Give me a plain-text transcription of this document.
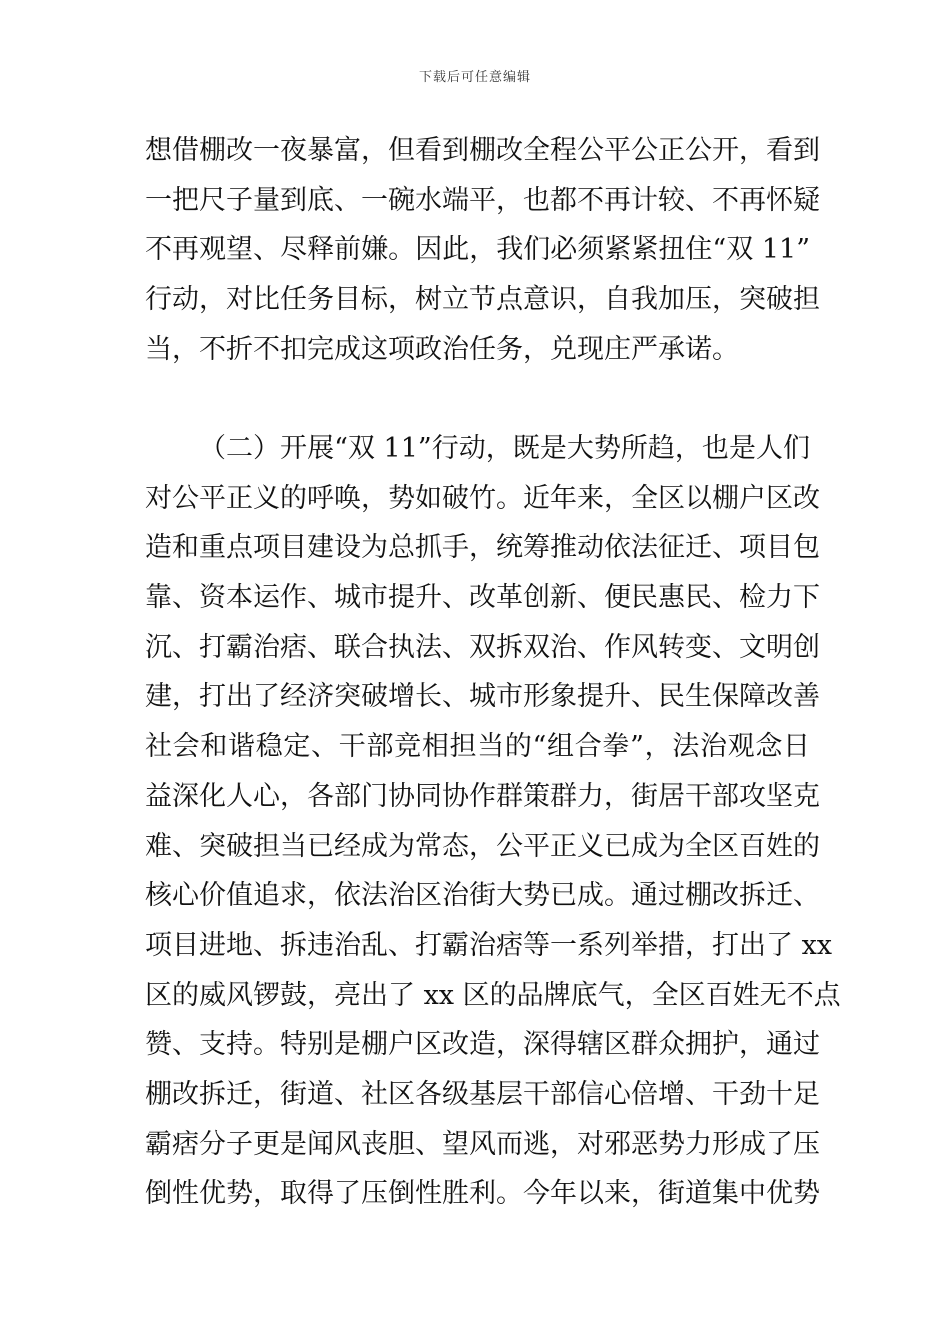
下载后可任意编辑
想借棚改一夜暴富，但看到棚改全程公平公正公开，看到
一把尺子量到底、一碗水端平，也都不再计较、不再怀疑
不再观望、尽释前嫌。因此，我们必须紧紧扭住“双 11”
行动，对比任务目标，树立节点意识，自我加压，突破担
当，不折不扣完成这项政治任务，兑现庄严承诺。
（二）开展“双 11”行动，既是大势所趋，也是人们
对公平正义的呼唤，势如破竹。近年来，全区以棚户区改
造和重点项目建设为总抓手，统筹推动依法征迁、项目包
靠、资本运作、城市提升、改革创新、便民惠民、检力下
沉、打霸治痞、联合执法、双拆双治、作风转变、文明创
建，打出了经济突破增长、城市形象提升、民生保障改善
社会和谐稳定、干部竞相担当的“组合拳”，法治观念日
益深化人心，各部门协同协作群策群力，街居干部攻坚克
难、突破担当已经成为常态，公平正义已成为全区百姓的
核心价值追求，依法治区治街大势已成。通过棚改拆迁、
项目进地、拆违治乱、打霸治痞等一系列举措，打出了 xx
区的威风锣鼓，亮出了 xx 区的品牌底气，全区百姓无不点
赞、支持。特别是棚户区改造，深得辖区群众拥护，通过
棚改拆迁，街道、社区各级基层干部信心倍增、干劲十足
霸痞分子更是闻风丧胆、望风而逃，对邪恶势力形成了压
倒性优势，取得了压倒性胜利。今年以来，街道集中优势
